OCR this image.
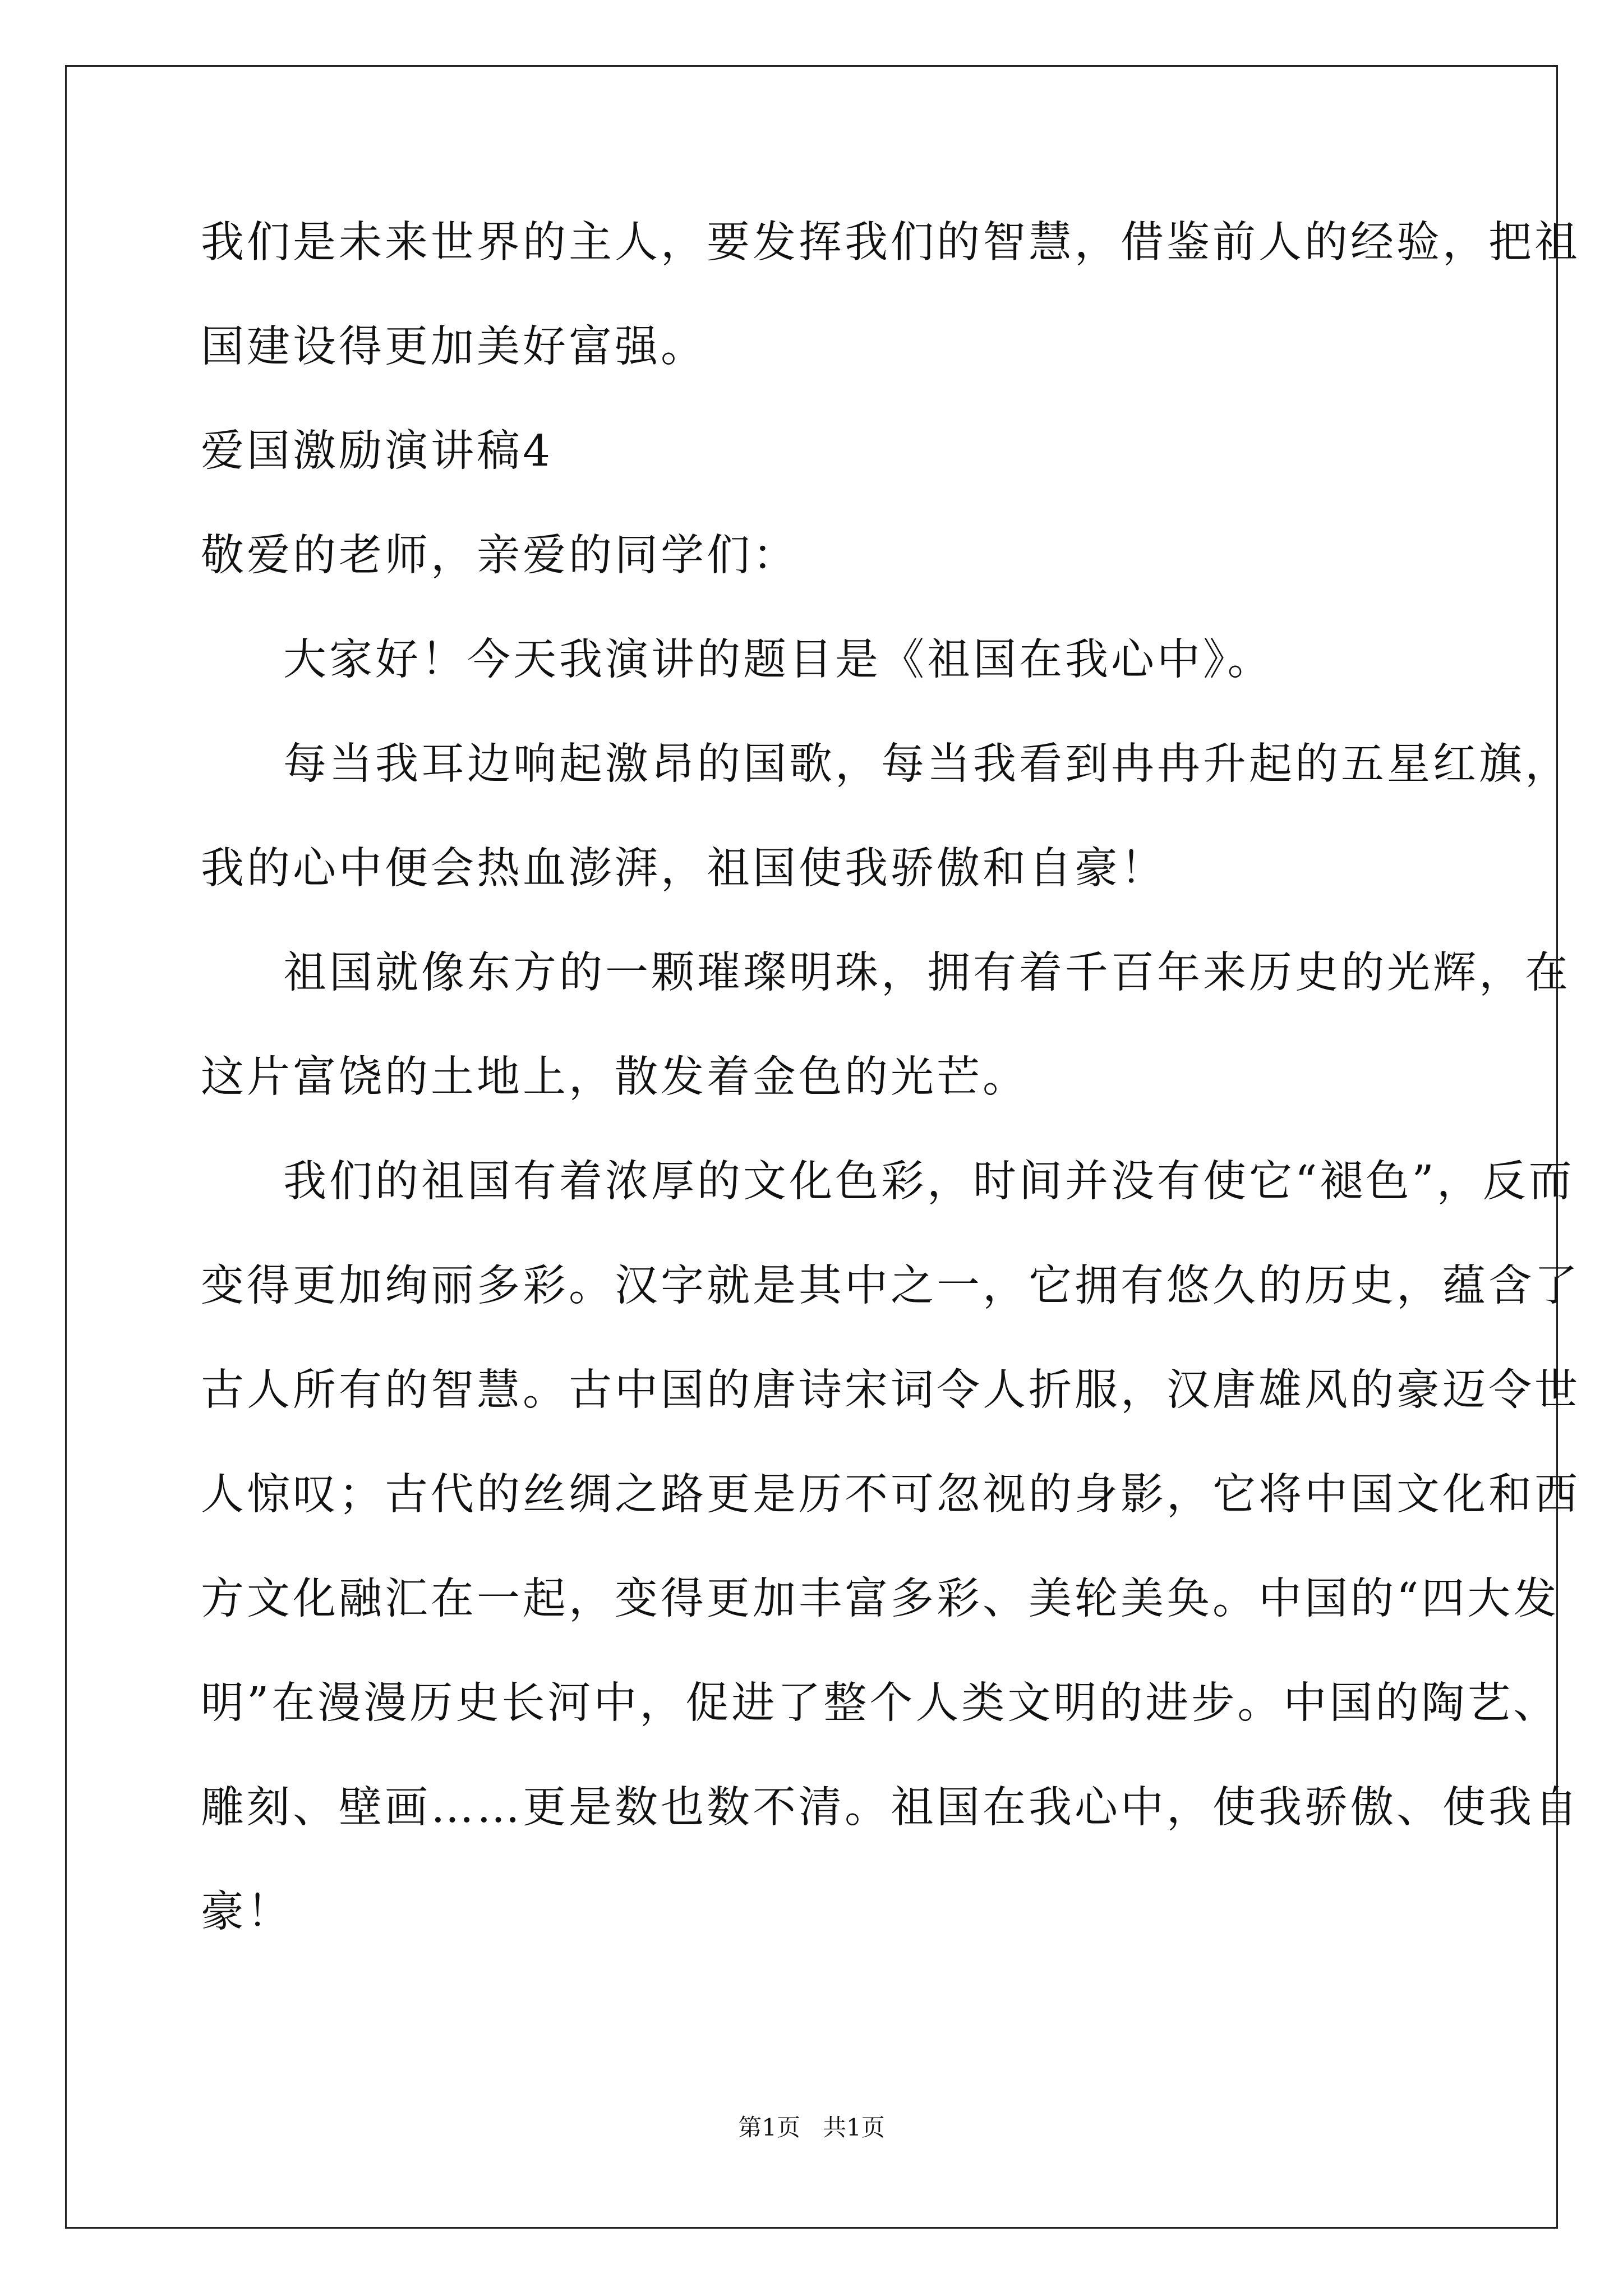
我们是未来世界的主人，要发挥我们的智慧，借鉴前人的经验，把祖
国建设得更加美好富强。
爱国激励演讲稿4
敬爱的老师，亲爱的同学们：
大家好！今天我演讲的题目是《祖国在我心中》。
每当我耳边响起激昂的国歌，每当我看到冉冉升起的五星红旗，
我的心中便会热血澎湃，祖国使我骄傲和自豪！
祖国就像东方的一颗璀璨明珠，拥有着千百年来历史的光辉，在
这片富饶的土地上，散发着金色的光芒。
我们的祖国有着浓厚的文化色彩，时间并没有使它“褪色”，反而
变得更加绚丽多彩。汉字就是其中之一，它拥有悠久的历史，蕴含了
古人所有的智慧。古中国的唐诗宋词令人折服，汉唐雄风的豪迈令世
人惊叹；古代的丝绸之路更是历不可忽视的身影，它将中国文化和西
方文化融汇在一起，变得更加丰富多彩、美轮美奂。中国的“四大发
明”在漫漫历史长河中，促进了整个人类文明的进步。中国的陶艺、
雕刻、壁画……更是数也数不清。祖国在我心中，使我骄傲、使我自
豪！
第1页   共1页
